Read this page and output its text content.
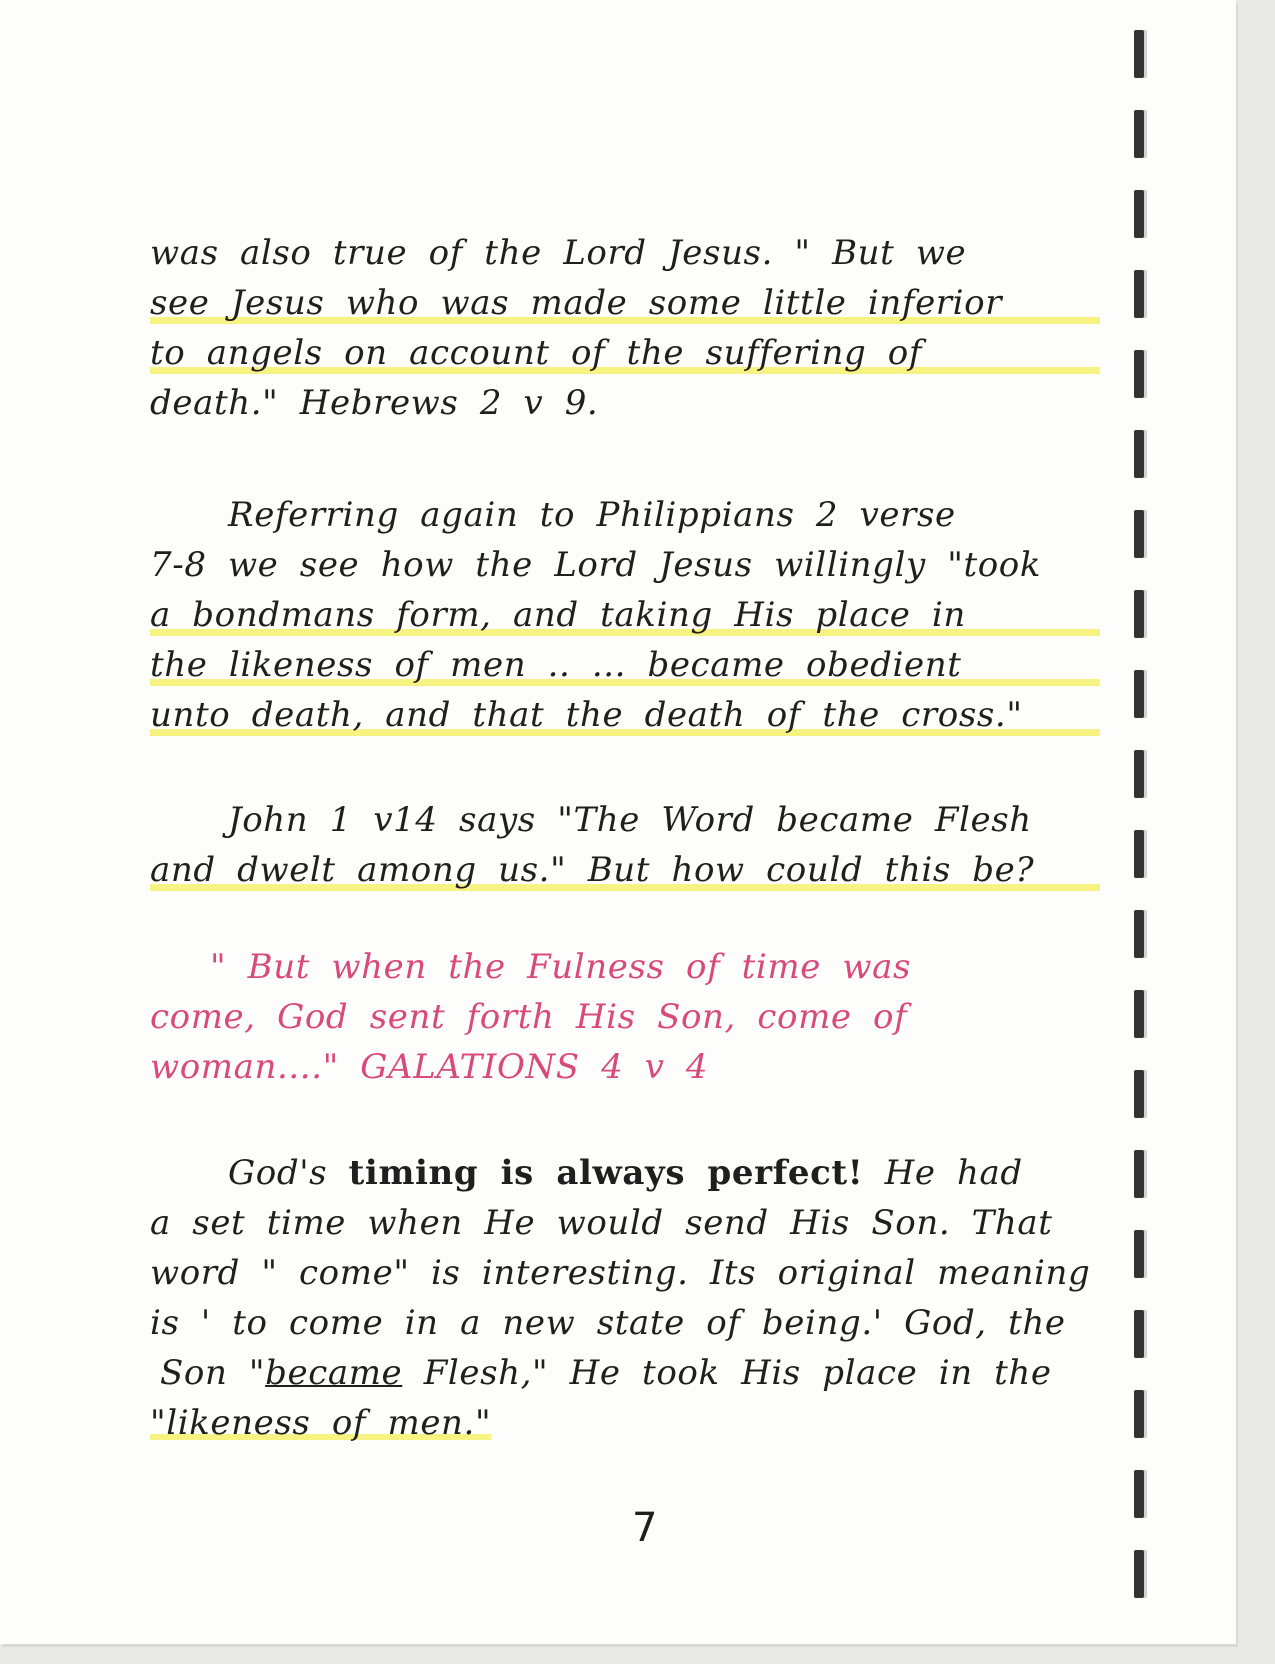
was also true of the Lord Jesus. " But we
see Jesus who was made some little inferior
to angels on account of the suffering of
death." Hebrews 2 v 9.
Referring again to Philippians 2 verse
7-8 we see how the Lord Jesus willingly "took
a bondmans form, and taking His place in
the likeness of men .. ... became obedient
unto death, and that the death of the cross."
John 1 v14 says "The Word became Flesh
and dwelt among us." But how could this be?
" But when the Fulness of time was
come, God sent forth His Son, come of
woman...." GALATIONS 4 v 4
God's timing is always perfect! He had
a set time when He would send His Son. That
word " come" is interesting. Its original meaning
is ' to come in a new state of being.' God, the
Son "became Flesh," He took His place in the
"likeness of men."
7
